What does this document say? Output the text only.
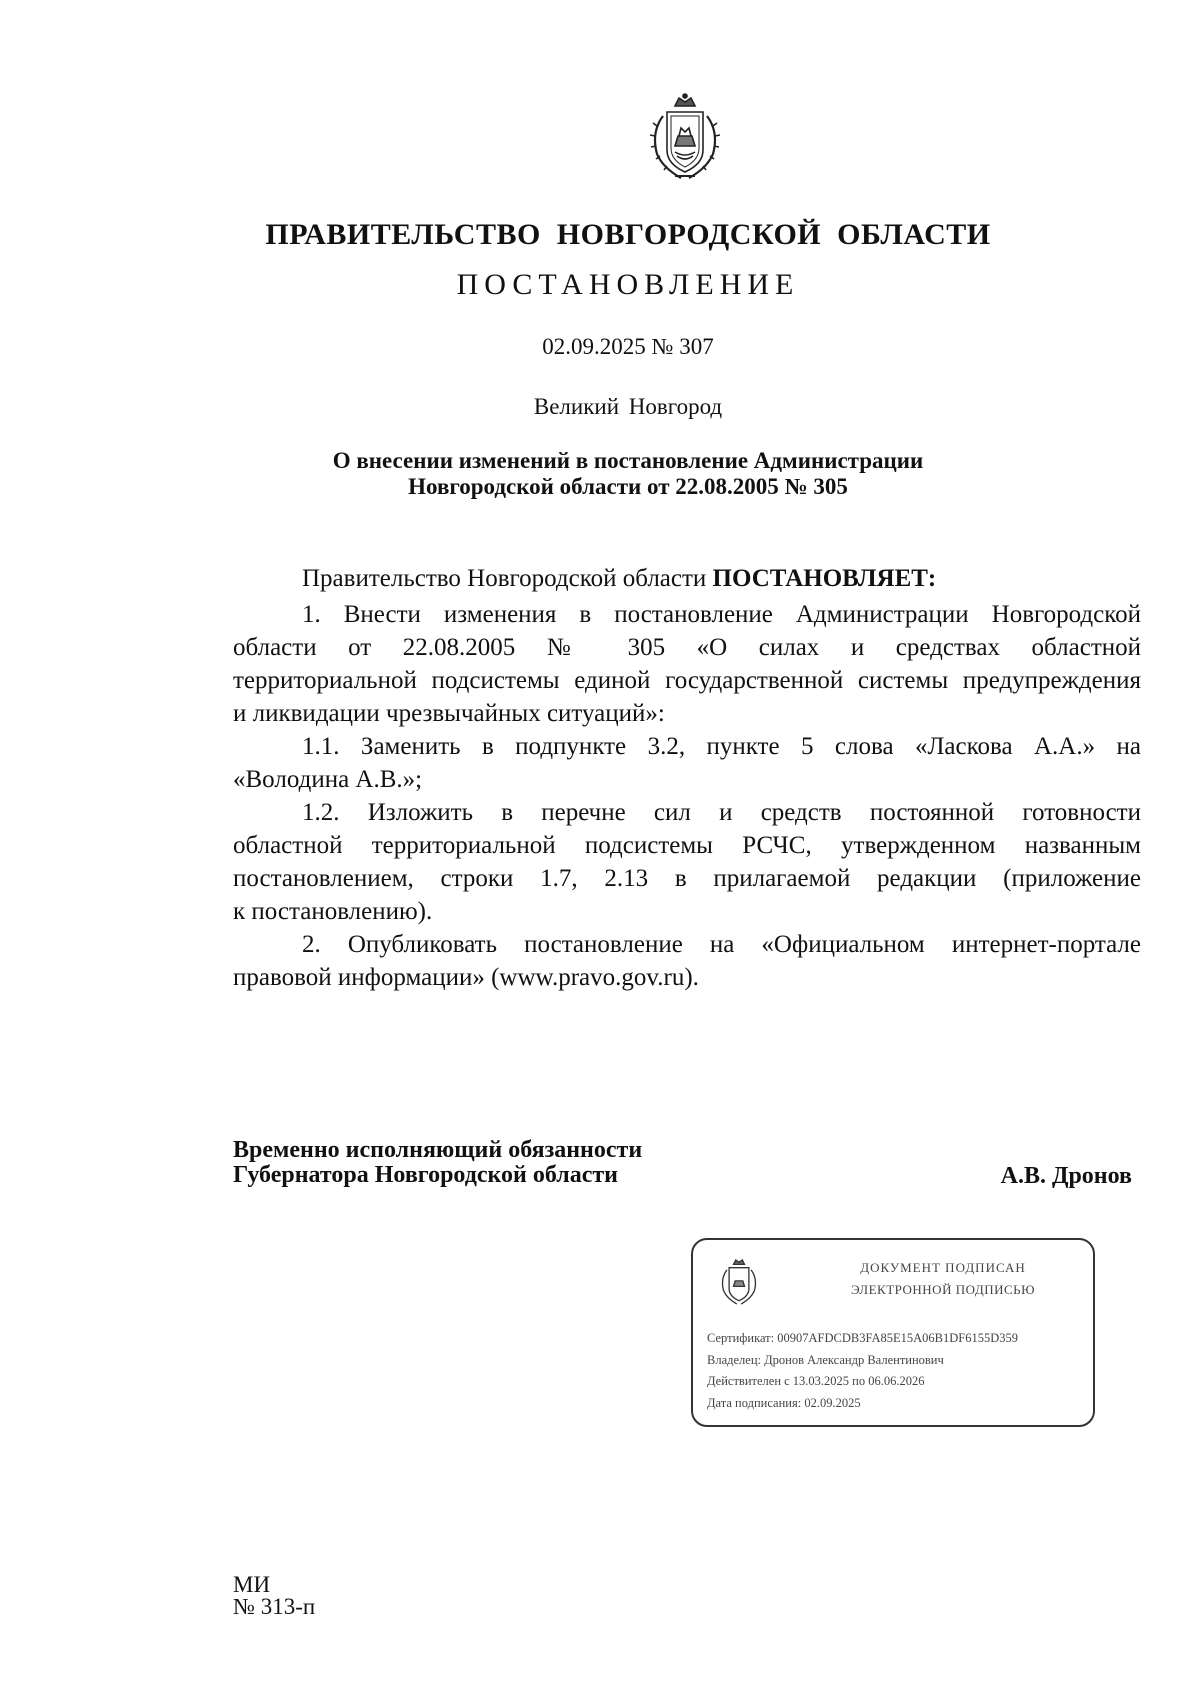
ПРАВИТЕЛЬСТВО НОВГОРОДСКОЙ ОБЛАСТИ
ПОСТАНОВЛЕНИЕ
02.09.2025 № 307
Великий Новгород
О внесении изменений в постановление Администрации
Новгородской области от 22.08.2005 № 305
Правительство Новгородской области ПОСТАНОВЛЯЕТ:
1. Внести изменения в постановление Администрации Новгородской
области от 22.08.2005 № 305 «О силах и средствах областной
территориальной подсистемы единой государственной системы предупреждения
и ликвидации чрезвычайных ситуаций»:
1.1. Заменить в подпункте 3.2, пункте 5 слова «Ласкова А.А.» на
«Володина А.В.»;
1.2. Изложить в перечне сил и средств постоянной готовности
областной территориальной подсистемы РСЧС, утвержденном названным
постановлением, строки 1.7, 2.13 в прилагаемой редакции (приложение
к постановлению).
2. Опубликовать постановление на «Официальном интернет-портале
правовой информации» (www.pravo.gov.ru).
Временно исполняющий обязанности
Губернатора Новгородской области	А.В. Дронов
ДОКУМЕНТ ПОДПИСАН
ЭЛЕКТРОННОЙ ПОДПИСЬЮ
Сертификат: 00907AFDCDB3FA85E15A06B1DF6155D359
Владелец: Дронов Александр Валентинович
Действителен с 13.03.2025 по 06.06.2026
Дата подписания: 02.09.2025
МИ
№ 313-п
